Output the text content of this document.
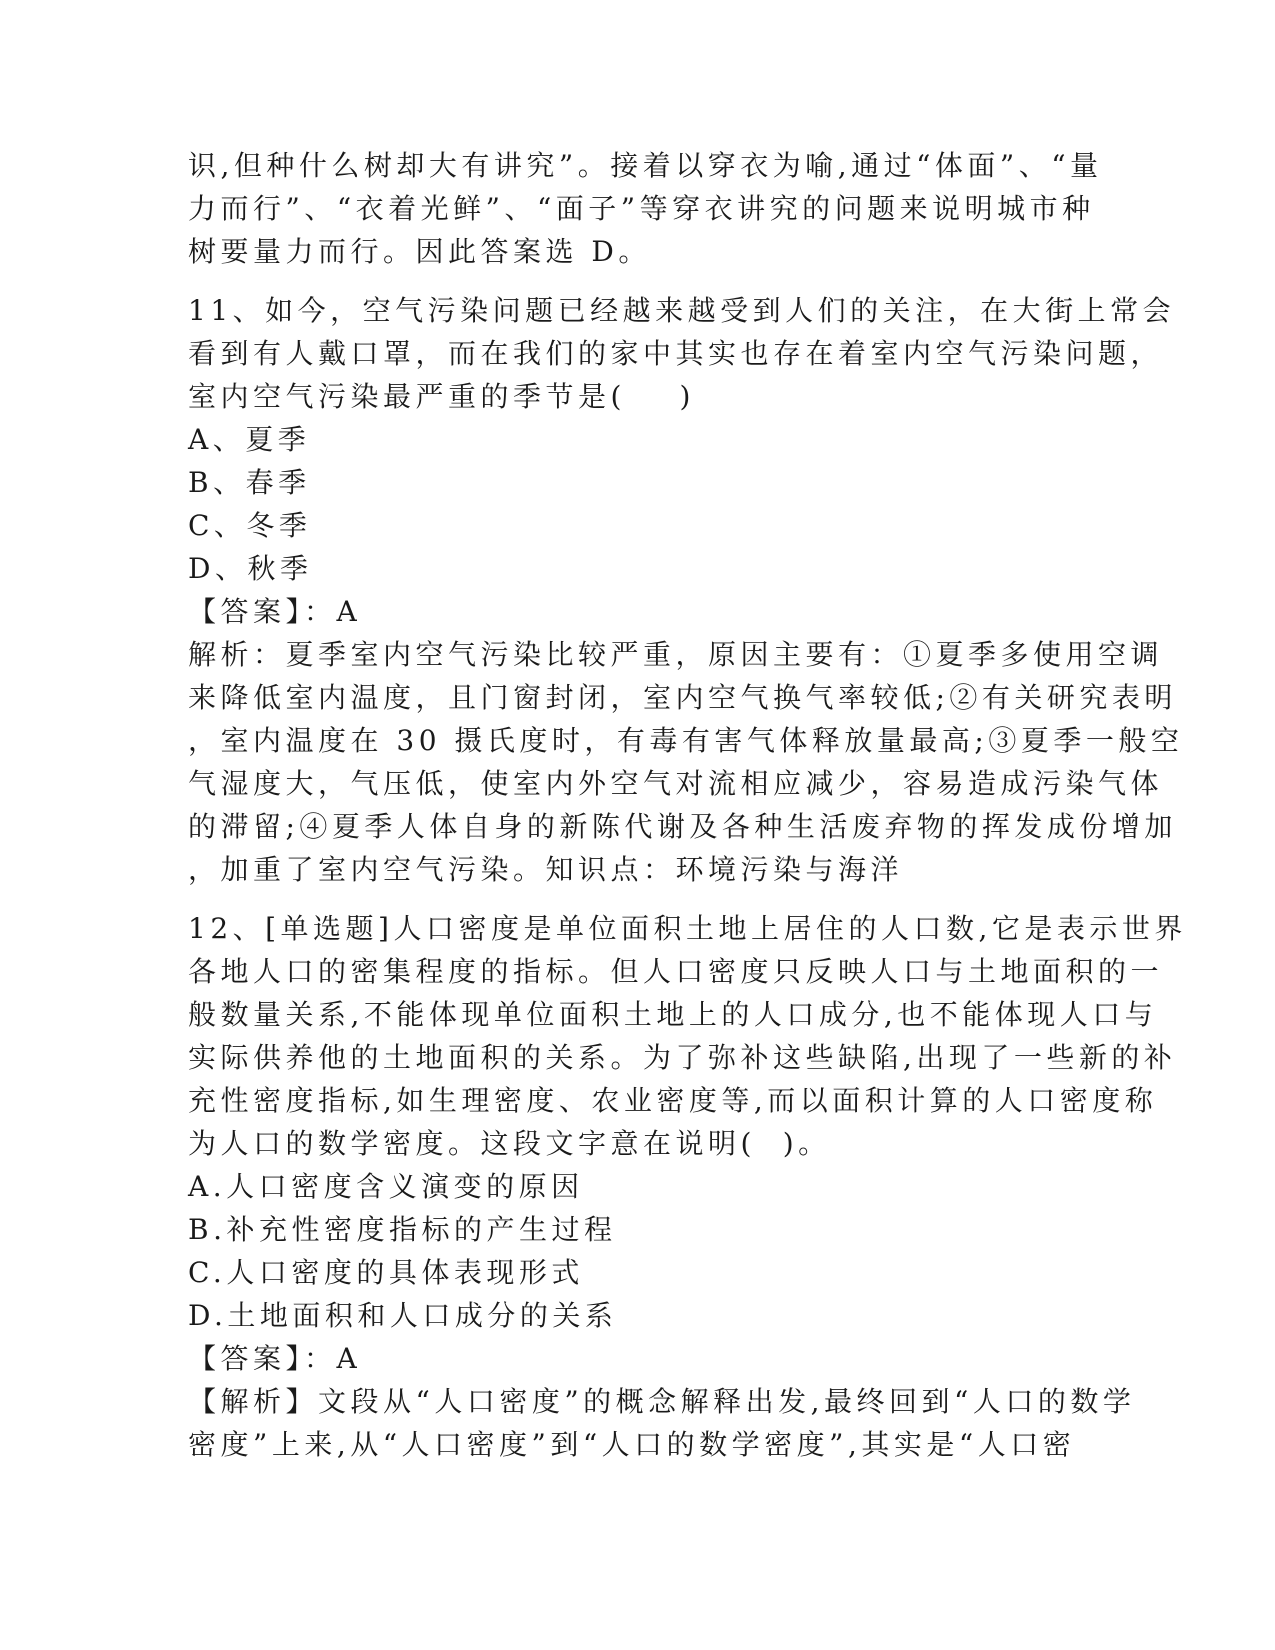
识,但种什么树却大有讲究”。接着以穿衣为喻,通过“体面”、“量
力而行”、“衣着光鲜”、“面子”等穿衣讲究的问题来说明城市种
树要量力而行。因此答案选 D。
11、如今，空气污染问题已经越来越受到人们的关注，在大街上常会
看到有人戴口罩，而在我们的家中其实也存在着室内空气污染问题，
室内空气污染最严重的季节是(    )
A、夏季
B、春季
C、冬季
D、秋季
【答案】：A
解析：夏季室内空气污染比较严重，原因主要有：①夏季多使用空调
来降低室内温度，且门窗封闭，室内空气换气率较低;②有关研究表明
，室内温度在 30 摄氏度时，有毒有害气体释放量最高;③夏季一般空
气湿度大，气压低，使室内外空气对流相应减少，容易造成污染气体
的滞留;④夏季人体自身的新陈代谢及各种生活废弃物的挥发成份增加
，加重了室内空气污染。知识点：环境污染与海洋
12、[单选题]人口密度是单位面积土地上居住的人口数,它是表示世界
各地人口的密集程度的指标。但人口密度只反映人口与土地面积的一
般数量关系,不能体现单位面积土地上的人口成分,也不能体现人口与
实际供养他的土地面积的关系。为了弥补这些缺陷,出现了一些新的补
充性密度指标,如生理密度、农业密度等,而以面积计算的人口密度称
为人口的数学密度。这段文字意在说明(  )。
A.人口密度含义演变的原因
B.补充性密度指标的产生过程
C.人口密度的具体表现形式
D.土地面积和人口成分的关系
【答案】：A
【解析】文段从“人口密度”的概念解释出发,最终回到“人口的数学
密度”上来,从“人口密度”到“人口的数学密度”,其实是“人口密
